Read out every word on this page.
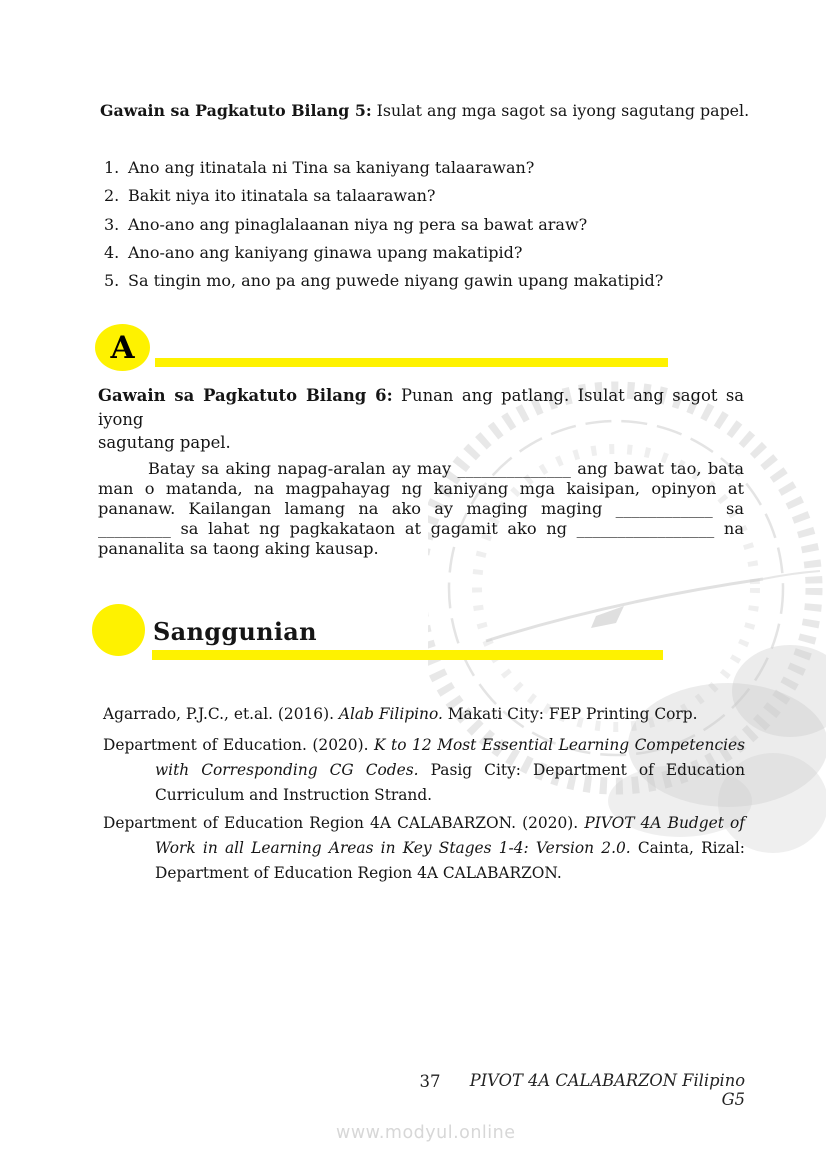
Gawain sa Pagkatuto Bilang 5: Isulat ang mga sagot sa iyong sagutang papel.
1. Ano ang itinatala ni Tina sa kaniyang talaarawan?
2. Bakit niya ito itinatala sa talaarawan?
3. Ano-ano ang pinaglalaanan niya ng pera sa bawat araw?
4. Ano-ano ang kaniyang ginawa upang makatipid?
5. Sa tingin mo, ano pa ang puwede niyang gawin upang makatipid?
A
Gawain sa Pagkatuto Bilang 6: Punan ang patlang. Isulat ang sagot sa iyong
sagutang papel.
Batay sa aking napag-aralan ay may ______________ ang bawat tao, bata
man o matanda, na magpahayag ng kaniyang mga kaisipan, opinyon at
pananaw. Kailangan lamang na ako ay maging maging ____________ sa
_________ sa lahat ng pagkakataon at gagamit ako ng _________________ na
pananalita sa taong aking kausap.
Sanggunian
Agarrado, P.J.C., et.al. (2016). Alab Filipino. Makati City: FEP Printing Corp.
Department of Education. (2020). K to 12 Most Essential Learning Competencies
with Corresponding CG Codes. Pasig City: Department of Education
Curriculum and Instruction Strand.
Department of Education Region 4A CALABARZON. (2020). PIVOT 4A Budget of
Work in all Learning Areas in Key Stages 1-4: Version 2.0. Cainta, Rizal:
Department of Education Region 4A CALABARZON.
37	PIVOT 4A CALABARZON Filipino G5
www.modyul.online
